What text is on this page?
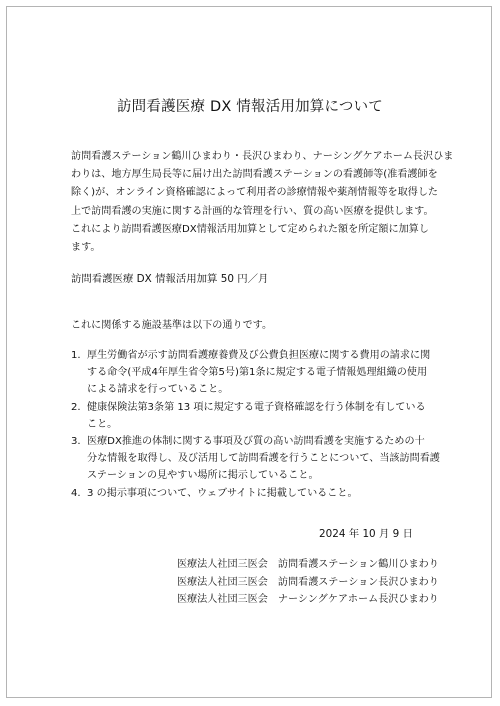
訪問看護医療 DX 情報活用加算について
訪問看護ステーション鶴川ひまわり・長沢ひまわり、ナーシングケアホーム長沢ひま
わりは、地方厚生局長等に届け出た訪問看護ステーションの看護師等(准看護師を
除く)が、オンライン資格確認によって利用者の診療情報や薬剤情報等を取得した
上で訪問看護の実施に関する計画的な管理を行い、質の高い医療を提供します。
これにより訪問看護医療DX情報活用加算として定められた額を所定額に加算し
ます。
訪問看護医療 DX 情報活用加算 50 円／月
これに関係する施設基準は以下の通りです。
1. 厚生労働省が示す訪問看護療養費及び公費負担医療に関する費用の請求に関
する命令(平成4年厚生省令第5号)第1条に規定する電子情報処理組織の使用
による請求を行っていること。
2. 健康保険法第3条第 13 項に規定する電子資格確認を行う体制を有している
こと。
3. 医療DX推進の体制に関する事項及び質の高い訪問看護を実施するための十
分な情報を取得し、及び活用して訪問看護を行うことについて、当該訪問看護
ステーションの見やすい場所に掲示していること。
4. 3 の掲示事項について、ウェブサイトに掲載していること。
2024 年 10 月 9 日
医療法人社団三医会　訪問看護ステーション鶴川ひまわり
医療法人社団三医会　訪問看護ステーション長沢ひまわり
医療法人社団三医会　ナーシングケアホーム長沢ひまわり
